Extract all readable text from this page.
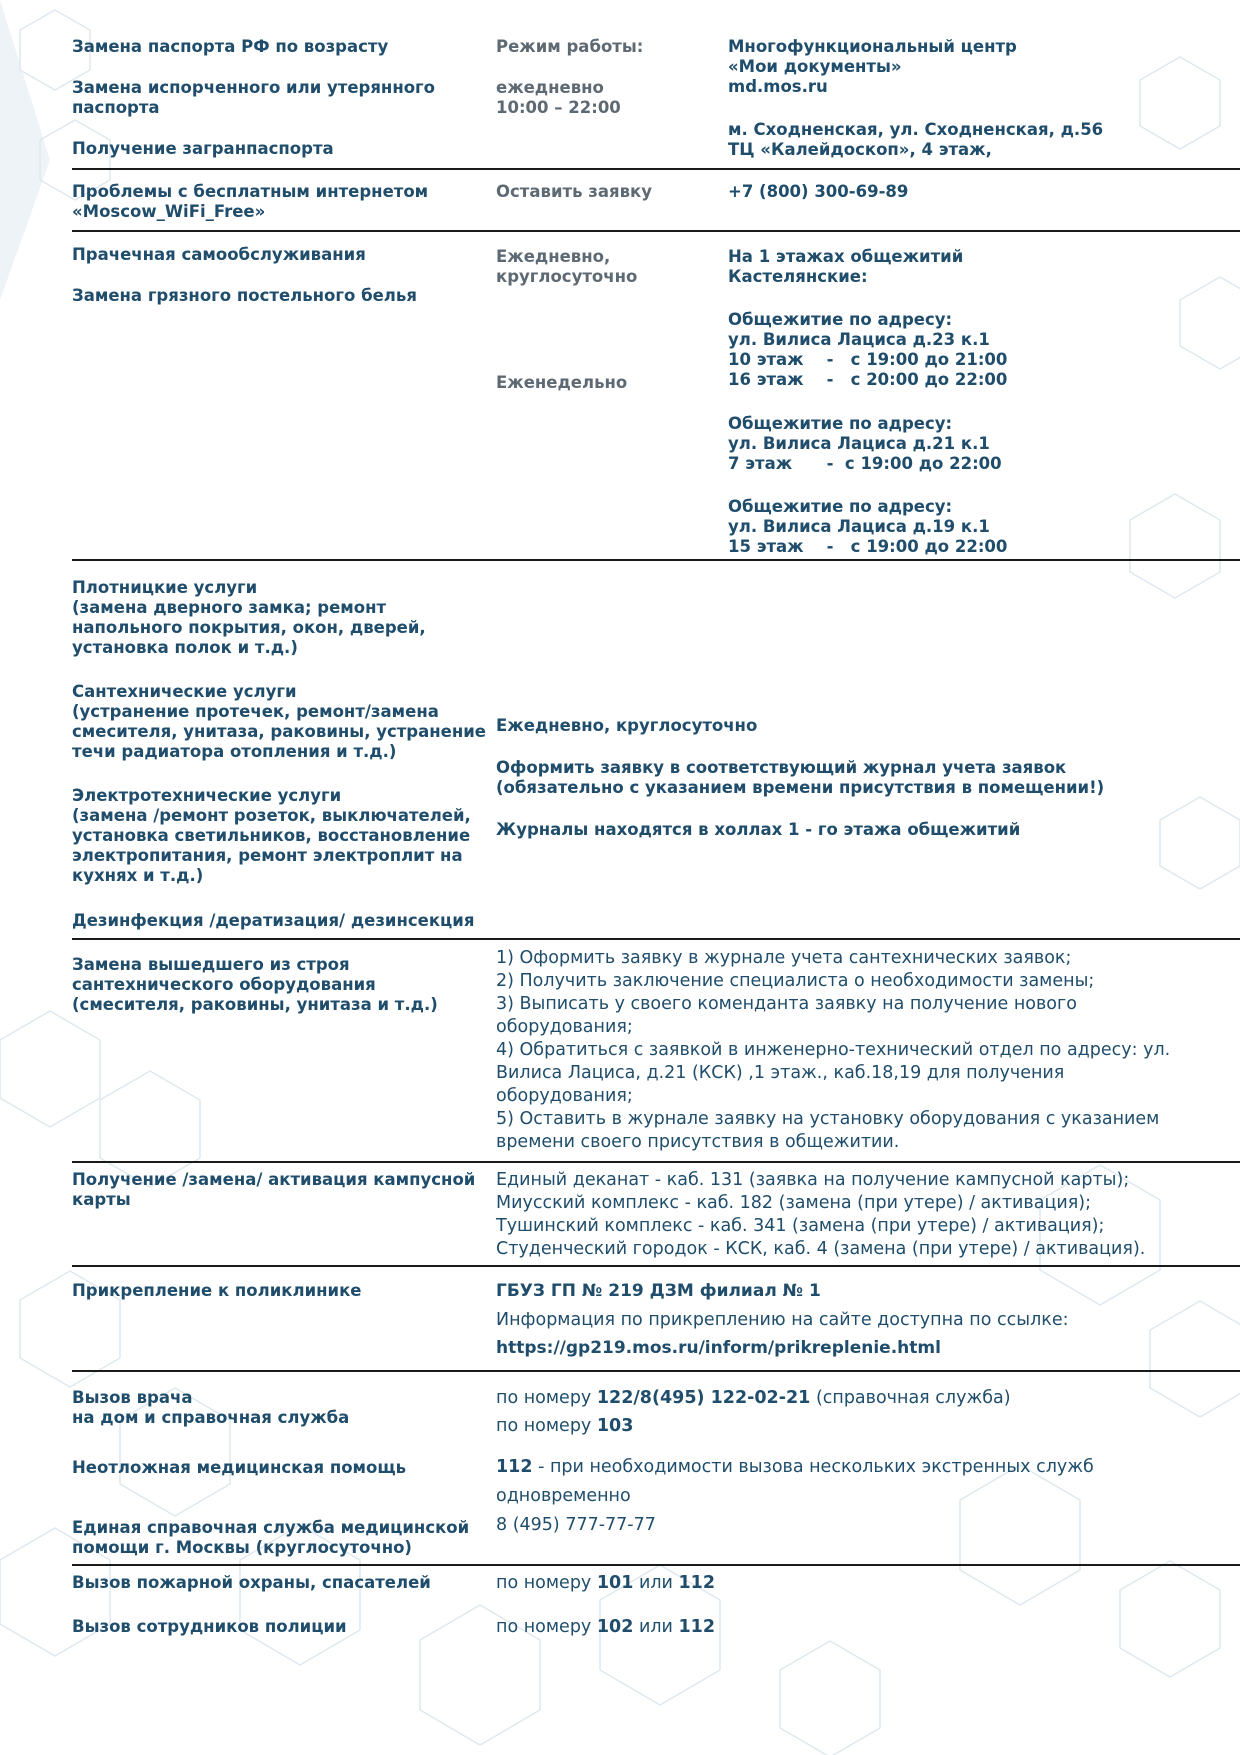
Замена паспорта РФ по возрасту
Замена испорченного или утерянного
паспорта
Получение загранпаспорта
Режим работы:
ежедневно
10:00 – 22:00
Многофункциональный центр
«Мои документы»
md.mos.ru
м. Сходненская, ул. Сходненская, д.56
ТЦ «Калейдоскоп», 4 этаж,
Проблемы с бесплатным интернетом
«Moscow_WiFi_Free»
Оставить заявку	+7 (800) 300-69-89
Прачечная самообслуживания
Замена грязного постельного белья
Ежедневно,
круглосуточно
Еженедельно
На 1 этажах общежитий
Кастелянские:
Общежитие по адресу:
ул. Вилиса Лациса д.23 к.1
10 этаж    -   с 19:00 до 21:00
16 этаж    -   с 20:00 до 22:00
Общежитие по адресу:
ул. Вилиса Лациса д.21 к.1
7 этаж      -  с 19:00 до 22:00
Общежитие по адресу:
ул. Вилиса Лациса д.19 к.1
15 этаж    -   с 19:00 до 22:00
Плотницкие услуги
(замена дверного замка; ремонт
напольного покрытия, окон, дверей,
установка полок и т.д.)
Сантехнические услуги
(устранение протечек, ремонт/замена
смесителя, унитаза, раковины, устранение
течи радиатора отопления и т.д.)
Электротехнические услуги
(замена /ремонт розеток, выключателей,
установка светильников, восстановление
электропитания, ремонт электроплит на
кухнях и т.д.)
Дезинфекция /дератизация/ дезинсекция
Ежедневно, круглосуточно
Оформить заявку в соответствующий журнал учета заявок
(обязательно с указанием времени присутствия в помещении!)
Журналы находятся в холлах 1 - го этажа общежитий
Замена вышедшего из строя
сантехнического оборудования
(смесителя, раковины, унитаза и т.д.)
1) Оформить заявку в журнале учета сантехнических заявок;
2) Получить заключение специалиста о необходимости замены;
3) Выписать у своего коменданта заявку на получение нового
оборудования;
4) Обратиться с заявкой в инженерно-технический отдел по адресу: ул.
Вилиса Лациса, д.21 (КСК) ,1 этаж., каб.18,19 для получения
оборудования;
5) Оставить в журнале заявку на установку оборудования с указанием
времени своего присутствия в общежитии.
Получение /замена/ активация кампусной
карты
Единый деканат - каб. 131 (заявка на получение кампусной карты);
Миусский комплекс - каб. 182 (замена (при утере) / активация);
Тушинский комплекс - каб. 341 (замена (при утере) / активация);
Студенческий городок - КСК, каб. 4 (замена (при утере) / активация).
Прикрепление к поликлинике	ГБУЗ ГП № 219 ДЗМ филиал № 1
Информация по прикреплению на сайте доступна по ссылке:
https://gp219.mos.ru/inform/prikreplenie.html
Вызов врача
на дом и справочная служба
Неотложная медицинская помощь
Единая справочная служба медицинской
помощи г. Москвы (круглосуточно)
по номеру 122/8(495) 122-02-21 (справочная служба)
по номеру 103
112 - при необходимости вызова нескольких экстренных служб
одновременно
8 (495) 777-77-77
Вызов пожарной охраны, спасателей
Вызов сотрудников полиции
по номеру 101 или 112
по номеру 102 или 112
